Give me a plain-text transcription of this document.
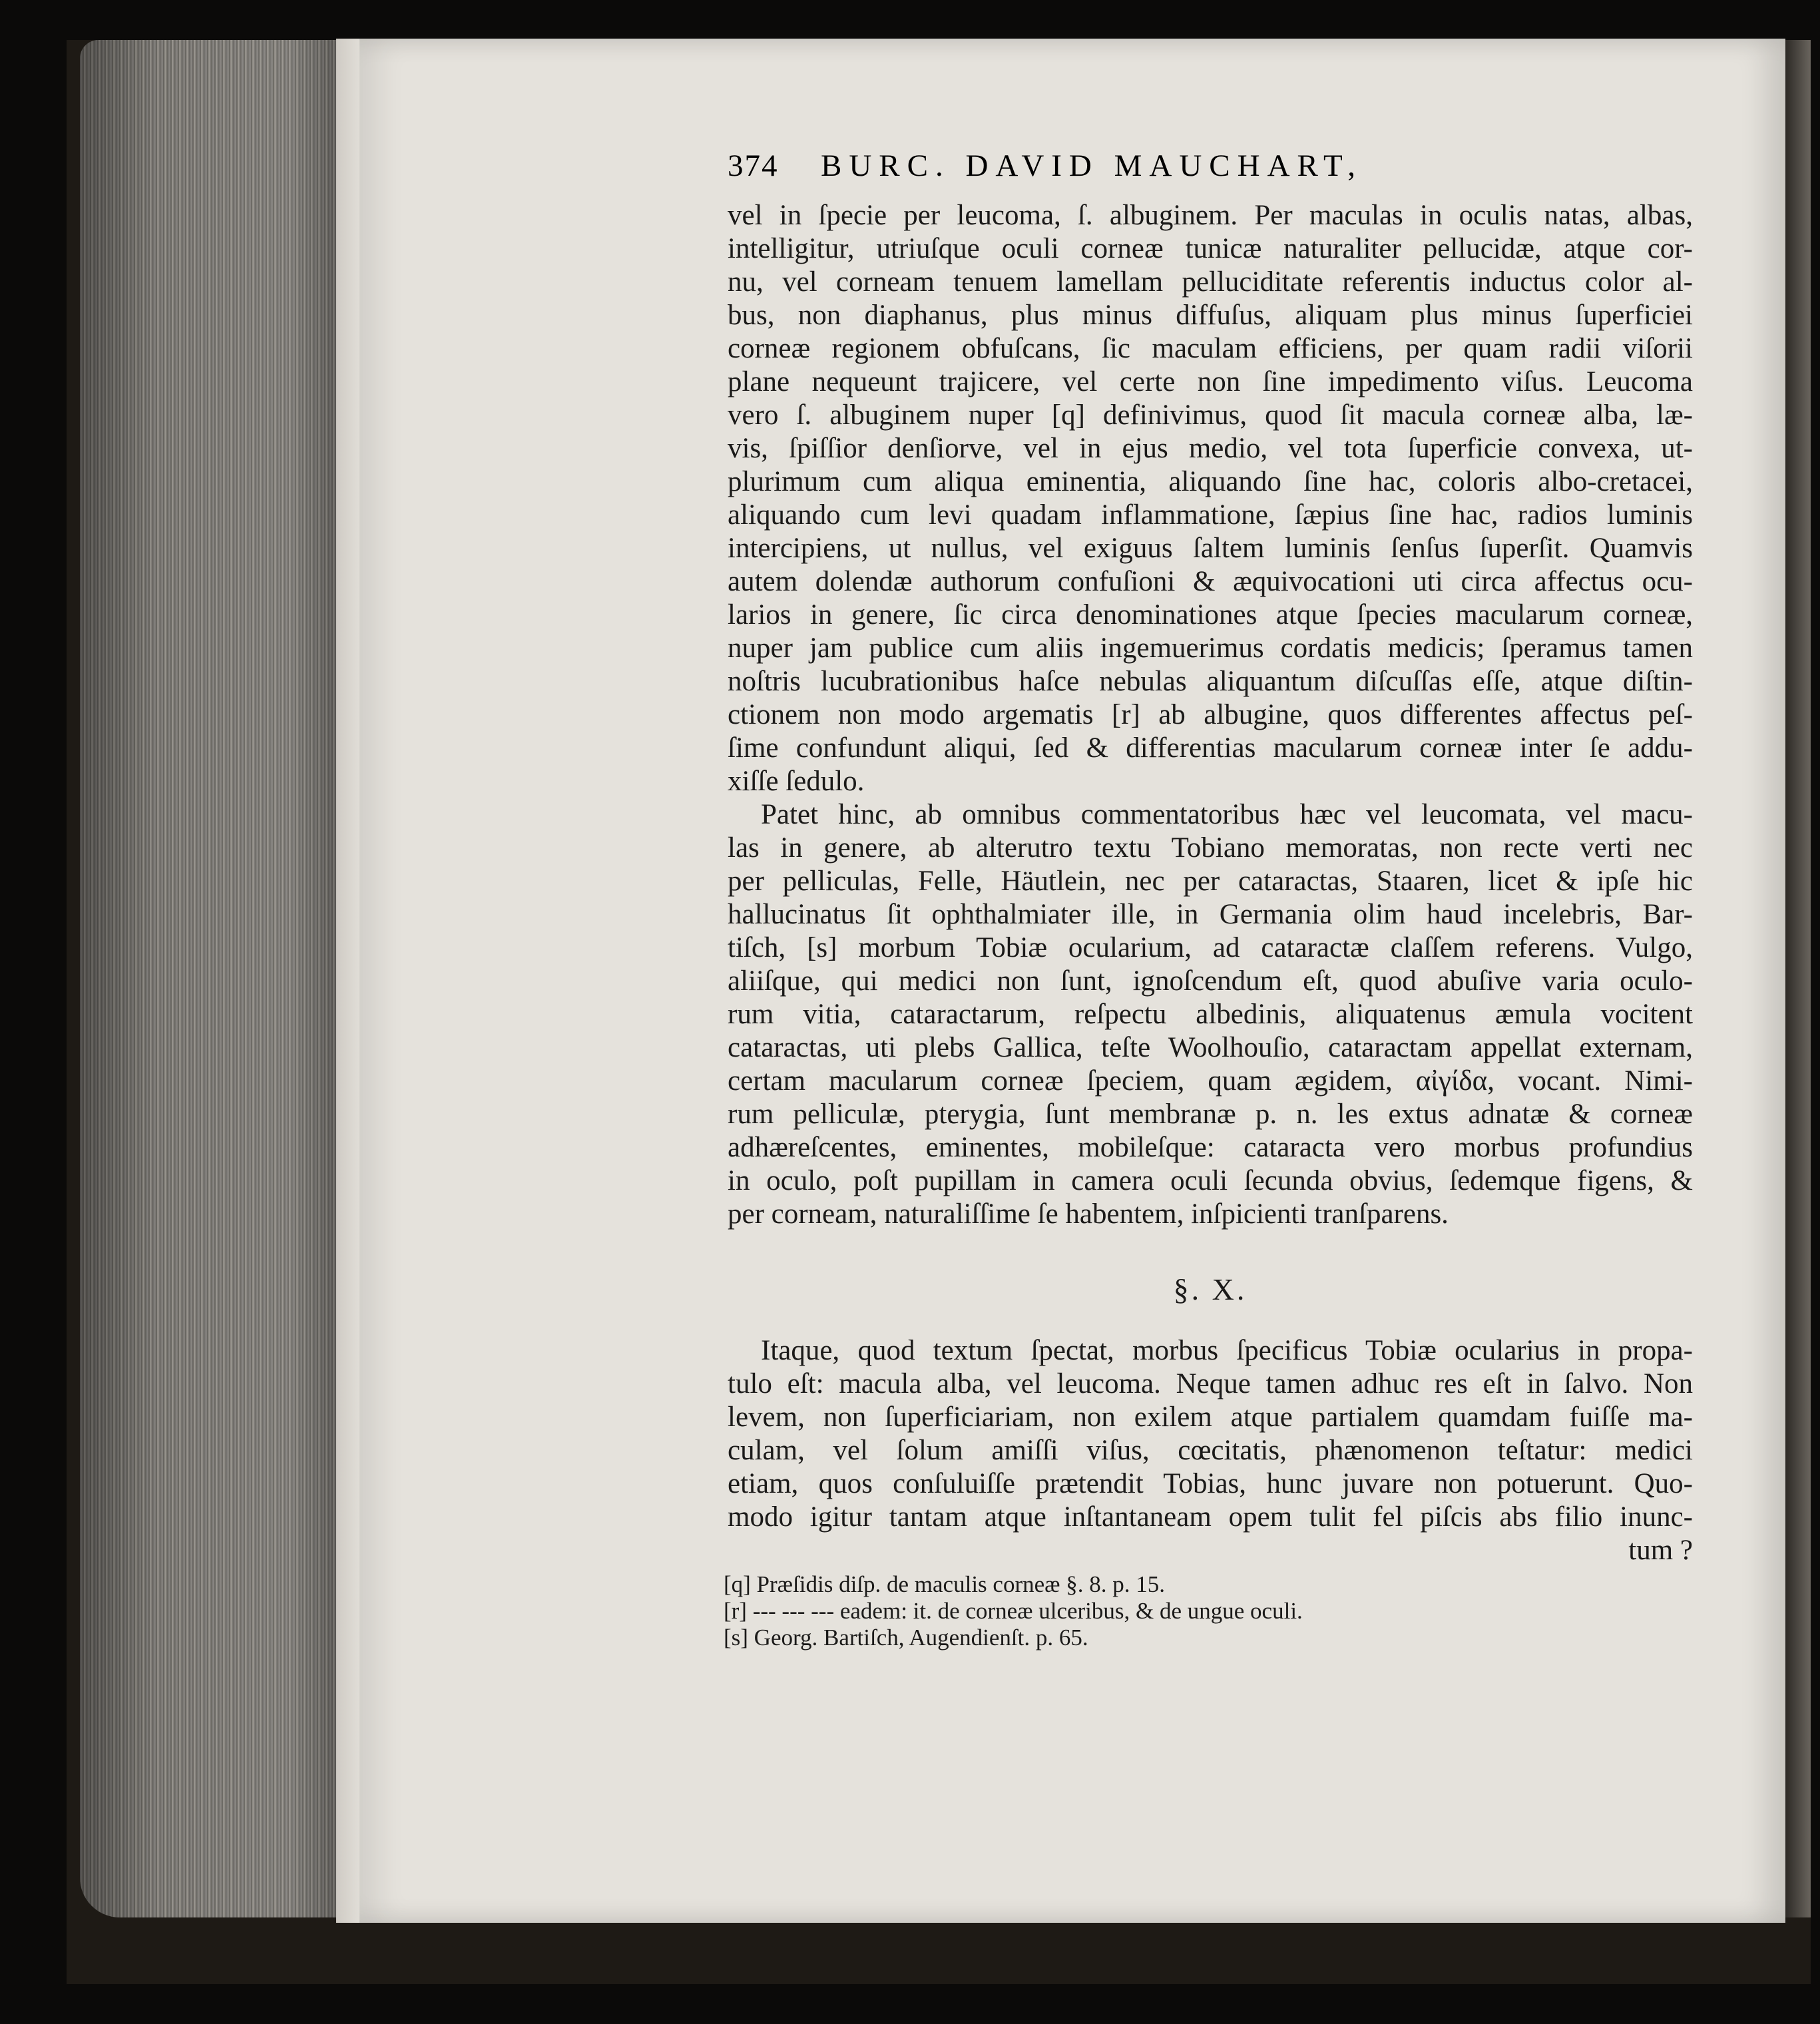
374 BURC. DAVID MAUCHART,
vel in ſpecie per leucoma, ſ. albuginem. Per maculas in oculis natas, albas,
intelligitur, utriuſque oculi corneæ tunicæ naturaliter pellucidæ, atque cor-
nu, vel corneam tenuem lamellam pelluciditate referentis inductus color al-
bus, non diaphanus, plus minus diffuſus, aliquam plus minus ſuperficiei
corneæ regionem obfuſcans, ſic maculam efficiens, per quam radii viſorii
plane nequeunt trajicere, vel certe non ſine impedimento viſus. Leucoma
vero ſ. albuginem nuper [q] definivimus, quod ſit macula corneæ alba, læ-
vis, ſpiſſior denſiorve, vel in ejus medio, vel tota ſuperficie convexa, ut-
plurimum cum aliqua eminentia, aliquando ſine hac, coloris albo-cretacei,
aliquando cum levi quadam inflammatione, ſæpius ſine hac, radios luminis
intercipiens, ut nullus, vel exiguus ſaltem luminis ſenſus ſuperſit. Quamvis
autem dolendæ authorum confuſioni & æquivocationi uti circa affectus ocu-
larios in genere, ſic circa denominationes atque ſpecies macularum corneæ,
nuper jam publice cum aliis ingemuerimus cordatis medicis; ſperamus tamen
noſtris lucubrationibus haſce nebulas aliquantum diſcuſſas eſſe, atque diſtin-
ctionem non modo argematis [r] ab albugine, quos differentes affectus peſ-
ſime confundunt aliqui, ſed & differentias macularum corneæ inter ſe addu-
xiſſe ſedulo.
Patet hinc, ab omnibus commentatoribus hæc vel leucomata, vel macu-
las in genere, ab alterutro textu Tobiano memoratas, non recte verti nec
per pelliculas, Felle, Häutlein, nec per cataractas, Staaren, licet & ipſe hic
hallucinatus ſit ophthalmiater ille, in Germania olim haud incelebris, Bar-
tiſch, [s] morbum Tobiæ ocularium, ad cataractæ claſſem referens. Vulgo,
aliiſque, qui medici non ſunt, ignoſcendum eſt, quod abuſive varia oculo-
rum vitia, cataractarum, reſpectu albedinis, aliquatenus æmula vocitent
cataractas, uti plebs Gallica, teſte Woolhouſio, cataractam appellat externam,
certam macularum corneæ ſpeciem, quam ægidem, αἰγίδα, vocant. Nimi-
rum pelliculæ, pterygia, ſunt membranæ p. n. les extus adnatæ & corneæ
adhæreſcentes, eminentes, mobileſque: cataracta vero morbus profundius
in oculo, poſt pupillam in camera oculi ſecunda obvius, ſedemque figens, &
per corneam, naturaliſſime ſe habentem, inſpicienti tranſparens.
§. X.
Itaque, quod textum ſpectat, morbus ſpecificus Tobiæ ocularius in propa-
tulo eſt: macula alba, vel leucoma. Neque tamen adhuc res eſt in ſalvo. Non
levem, non ſuperficiariam, non exilem atque partialem quamdam fuiſſe ma-
culam, vel ſolum amiſſi viſus, cœcitatis, phænomenon teſtatur: medici
etiam, quos conſuluiſſe prætendit Tobias, hunc juvare non potuerunt. Quo-
modo igitur tantam atque inſtantaneam opem tulit fel piſcis abs filio inunc-
tum ?
[q] Præſidis diſp. de maculis corneæ §. 8. p. 15.
[r] --- --- --- eadem: it. de corneæ ulceribus, & de ungue oculi.
[s] Georg. Bartiſch, Augendienſt. p. 65.
